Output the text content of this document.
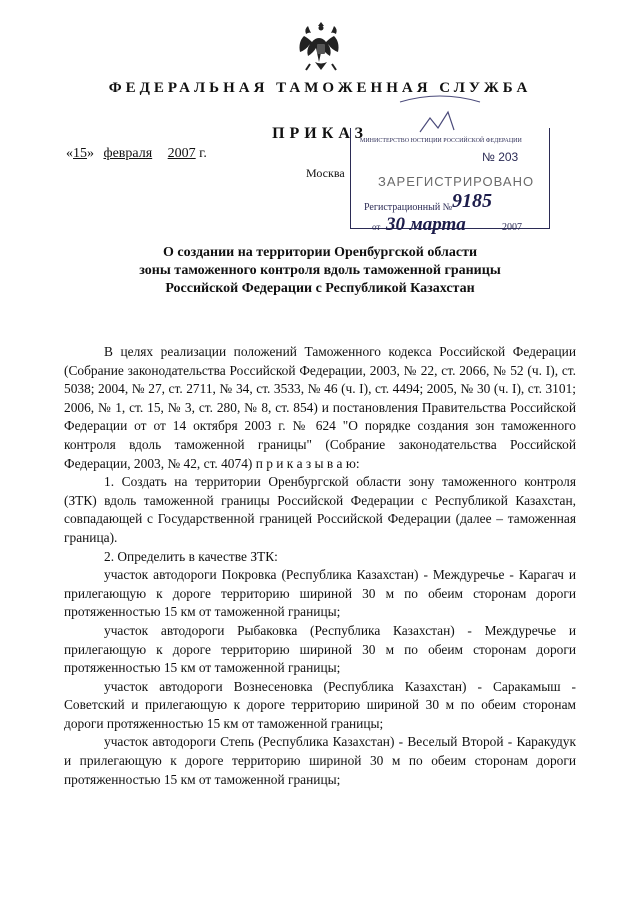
ФЕДЕРАЛЬНАЯ ТАМОЖЕННАЯ СЛУЖБА
ПРИКАЗ
«15» февраля 2007 г.
Москва
МИНИСТЕРСТВО ЮСТИЦИИ РОССИЙСКОЙ ФЕДЕРАЦИИ
№ 203
ЗАРЕГИСТРИРОВАНО
Регистрационный № 9185
от 30 марта	2007
О создании на территории Оренбургской области
зоны таможенного контроля вдоль таможенной границы
Российской Федерации с Республикой Казахстан

В целях реализации положений Таможенного кодекса Российской Федерации (Собрание законодательства Российской Федерации, 2003, № 22, ст. 2066, № 52 (ч. I), ст. 5038; 2004, № 27, ст. 2711, № 34, ст. 3533, № 46 (ч. I), ст. 4494; 2005, № 30 (ч. I), ст. 3101; 2006, № 1, ст. 15, № 3, ст. 280, № 8, ст. 854) и постановления Правительства Российской Федерации от от 14 октября 2003 г. № 624 "О порядке создания зон таможенного контроля вдоль таможенной границы" (Собрание законодательства Российской Федерации, 2003, № 42, ст. 4074) п р и к а з ы в а ю:

1. Создать на территории Оренбургской области зону таможенного контроля (ЗТК) вдоль таможенной границы Российской Федерации с Республикой Казахстан, совпадающей с Государственной границей Российской Федерации (далее – таможенная граница).

2. Определить в качестве ЗТК:

участок автодороги Покровка (Республика Казахстан) - Междуречье - Карагач и прилегающую к дороге территорию шириной 30 м по обеим сторонам дороги протяженностью 15 км от таможенной границы;

участок автодороги Рыбаковка (Республика Казахстан) - Междуречье и прилегающую к дороге территорию шириной 30 м по обеим сторонам дороги протяженностью 15 км от таможенной границы;

участок автодороги Вознесеновка (Республика Казахстан) - Саракамыш - Советский и прилегающую к дороге территорию шириной 30 м по обеим сторонам дороги протяженностью 15 км от таможенной границы;

участок автодороги Степь (Республика Казахстан) - Веселый Второй - Каракудук и прилегающую к дороге территорию шириной 30 м по обеим сторонам дороги протяженностью 15 км от таможенной границы;
